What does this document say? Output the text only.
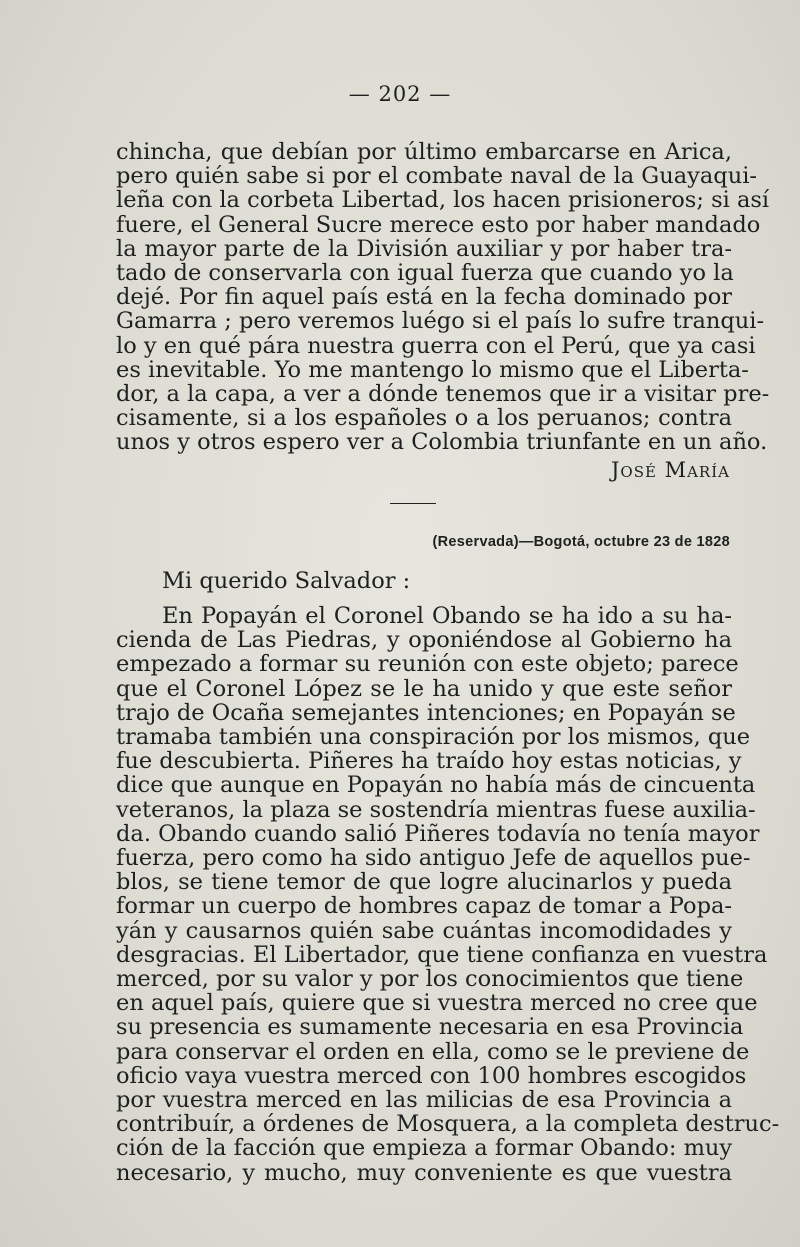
— 202 —
chincha, que debían por último embarcarse en Arica,
pero quién sabe si por el combate naval de la Guayaqui-
leña con la corbeta Libertad, los hacen prisioneros; si así
fuere, el General Sucre merece esto por haber mandado
la mayor parte de la División auxiliar y por haber tra-
tado de conservarla con igual fuerza que cuando yo la
dejé. Por fin aquel país está en la fecha dominado por
Gamarra ; pero veremos luégo si el país lo sufre tranqui-
lo y en qué pára nuestra guerra con el Perú, que ya casi
es inevitable. Yo me mantengo lo mismo que el Liberta-
dor, a la capa, a ver a dónde tenemos que ir a visitar pre-
cisamente, si a los españoles o a los peruanos; contra
unos y otros espero ver a Colombia triunfante en un año.
José María
(Reservada)—Bogotá, octubre 23 de 1828
Mi querido Salvador :
En Popayán el Coronel Obando se ha ido a su ha-
cienda de Las Piedras, y oponiéndose al Gobierno ha
empezado a formar su reunión con este objeto; parece
que el Coronel López se le ha unido y que este señor
trajo de Ocaña semejantes intenciones; en Popayán se
tramaba también una conspiración por los mismos, que
fue descubierta. Piñeres ha traído hoy estas noticias, y
dice que aunque en Popayán no había más de cincuenta
veteranos, la plaza se sostendría mientras fuese auxilia-
da. Obando cuando salió Piñeres todavía no tenía mayor
fuerza, pero como ha sido antiguo Jefe de aquellos pue-
blos, se tiene temor de que logre alucinarlos y pueda
formar un cuerpo de hombres capaz de tomar a Popa-
yán y causarnos quién sabe cuántas incomodidades y
desgracias. El Libertador, que tiene confianza en vuestra
merced, por su valor y por los conocimientos que tiene
en aquel país, quiere que si vuestra merced no cree que
su presencia es sumamente necesaria en esa Provincia
para conservar el orden en ella, como se le previene de
oficio vaya vuestra merced con 100 hombres escogidos
por vuestra merced en las milicias de esa Provincia a
contribuír, a órdenes de Mosquera, a la completa destruc-
ción de la facción que empieza a formar Obando: muy
necesario, y mucho, muy conveniente es que vuestra
